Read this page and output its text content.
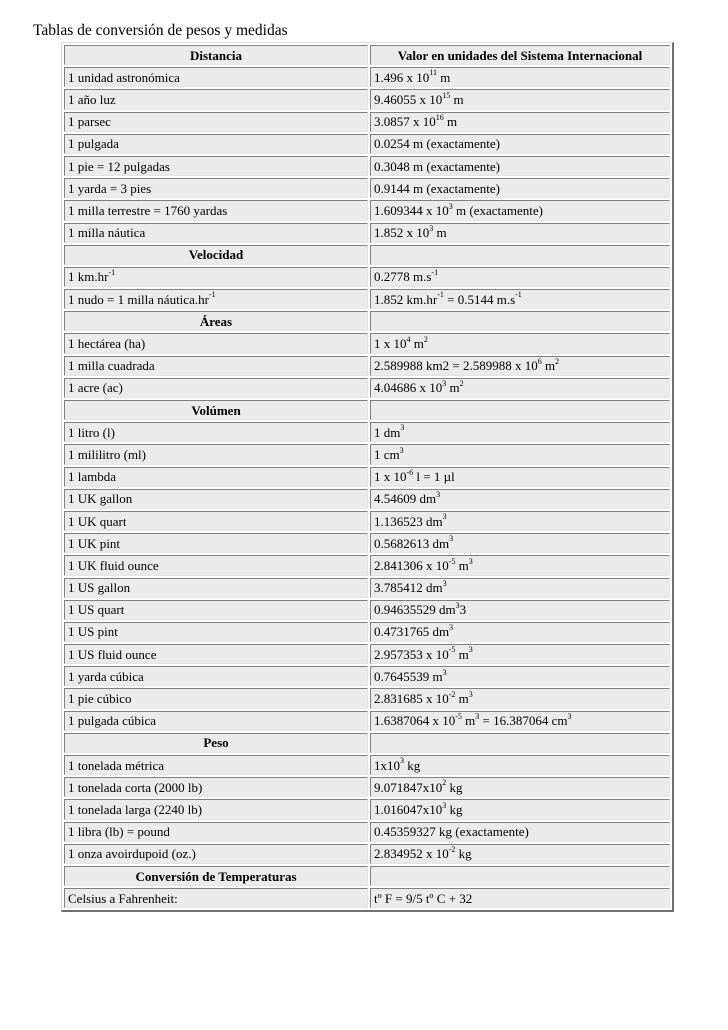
Tablas de conversión de pesos y medidas
Distancia	Valor en unidades del Sistema Internacional
1 unidad astronómica	1.496 x $10^{11}$ m
1 año luz	9.46055 x $10^{15}$ m
1 parsec	3.0857 x $10^{16}$ m
1 pulgada	0.0254 m (exactamente)
1 pie = 12 pulgadas	0.3048 m (exactamente)
1 yarda = 3 pies	0.9144 m (exactamente)
1 milla terrestre = 1760 yardas	1.609344 x $10^3$ m (exactamente)
1 milla náutica	1.852 x $10^3$ m
Velocidad	
1 $km.hr^{-1}$	0.2778 $m.s^{-1}$
1 nudo = 1 milla $náutica.hr^{-1}$	1.852 $km.hr^{-1} = 0.5144$ $m.s^{-1}$
Áreas	
1 hectárea (ha)	1 x $10^4$ $m^2$
1 milla cuadrada	2.589988 km2 = 2.589988 x $10^6$ $m^2$
1 acre (ac)	4.04686 x $10^3$ $m^2$
Volúmen	
1 litro (l)	1 $dm^3$
1 mililitro (ml)	1 $cm^3$
1 lambda	1 x $10^{-6}$ l = 1 µl
1 UK gallon	4.54609 $dm^3$
1 UK quart	1.136523 $dm^3$
1 UK pint	0.5682613 $dm^3$
1 UK fluid ounce	2.841306 x $10^{-5}$ $m^3$
1 US gallon	3.785412 $dm^3$
1 US quart	0.94635529 $dm^33$
1 US pint	0.4731765 $dm^3$
1 US fluid ounce	2.957353 x $10^{-5}$ $m^3$
1 yarda cúbica	0.7645539 $m^3$
1 pie cúbico	2.831685 x $10^{-2}$ $m^3$
1 pulgada cúbica	1.6387064 x $10^{-5}$ $m^3 = 16.387064$ $cm^3$
Peso	
1 tonelada métrica	$1x10^3$ kg
1 tonelada corta (2000 lb)	$9.071847x10^2$ kg
1 tonelada larga (2240 lb)	$1.016047x10^3$ kg
1 libra (lb) = pound	0.45359327 kg (exactamente)
1 onza avoirdupoid (oz.)	2.834952 x $10^{-2}$ kg
Conversión de Temperaturas	
Celsius a Fahrenheit:	tº F = 9/5 tº C + 32
